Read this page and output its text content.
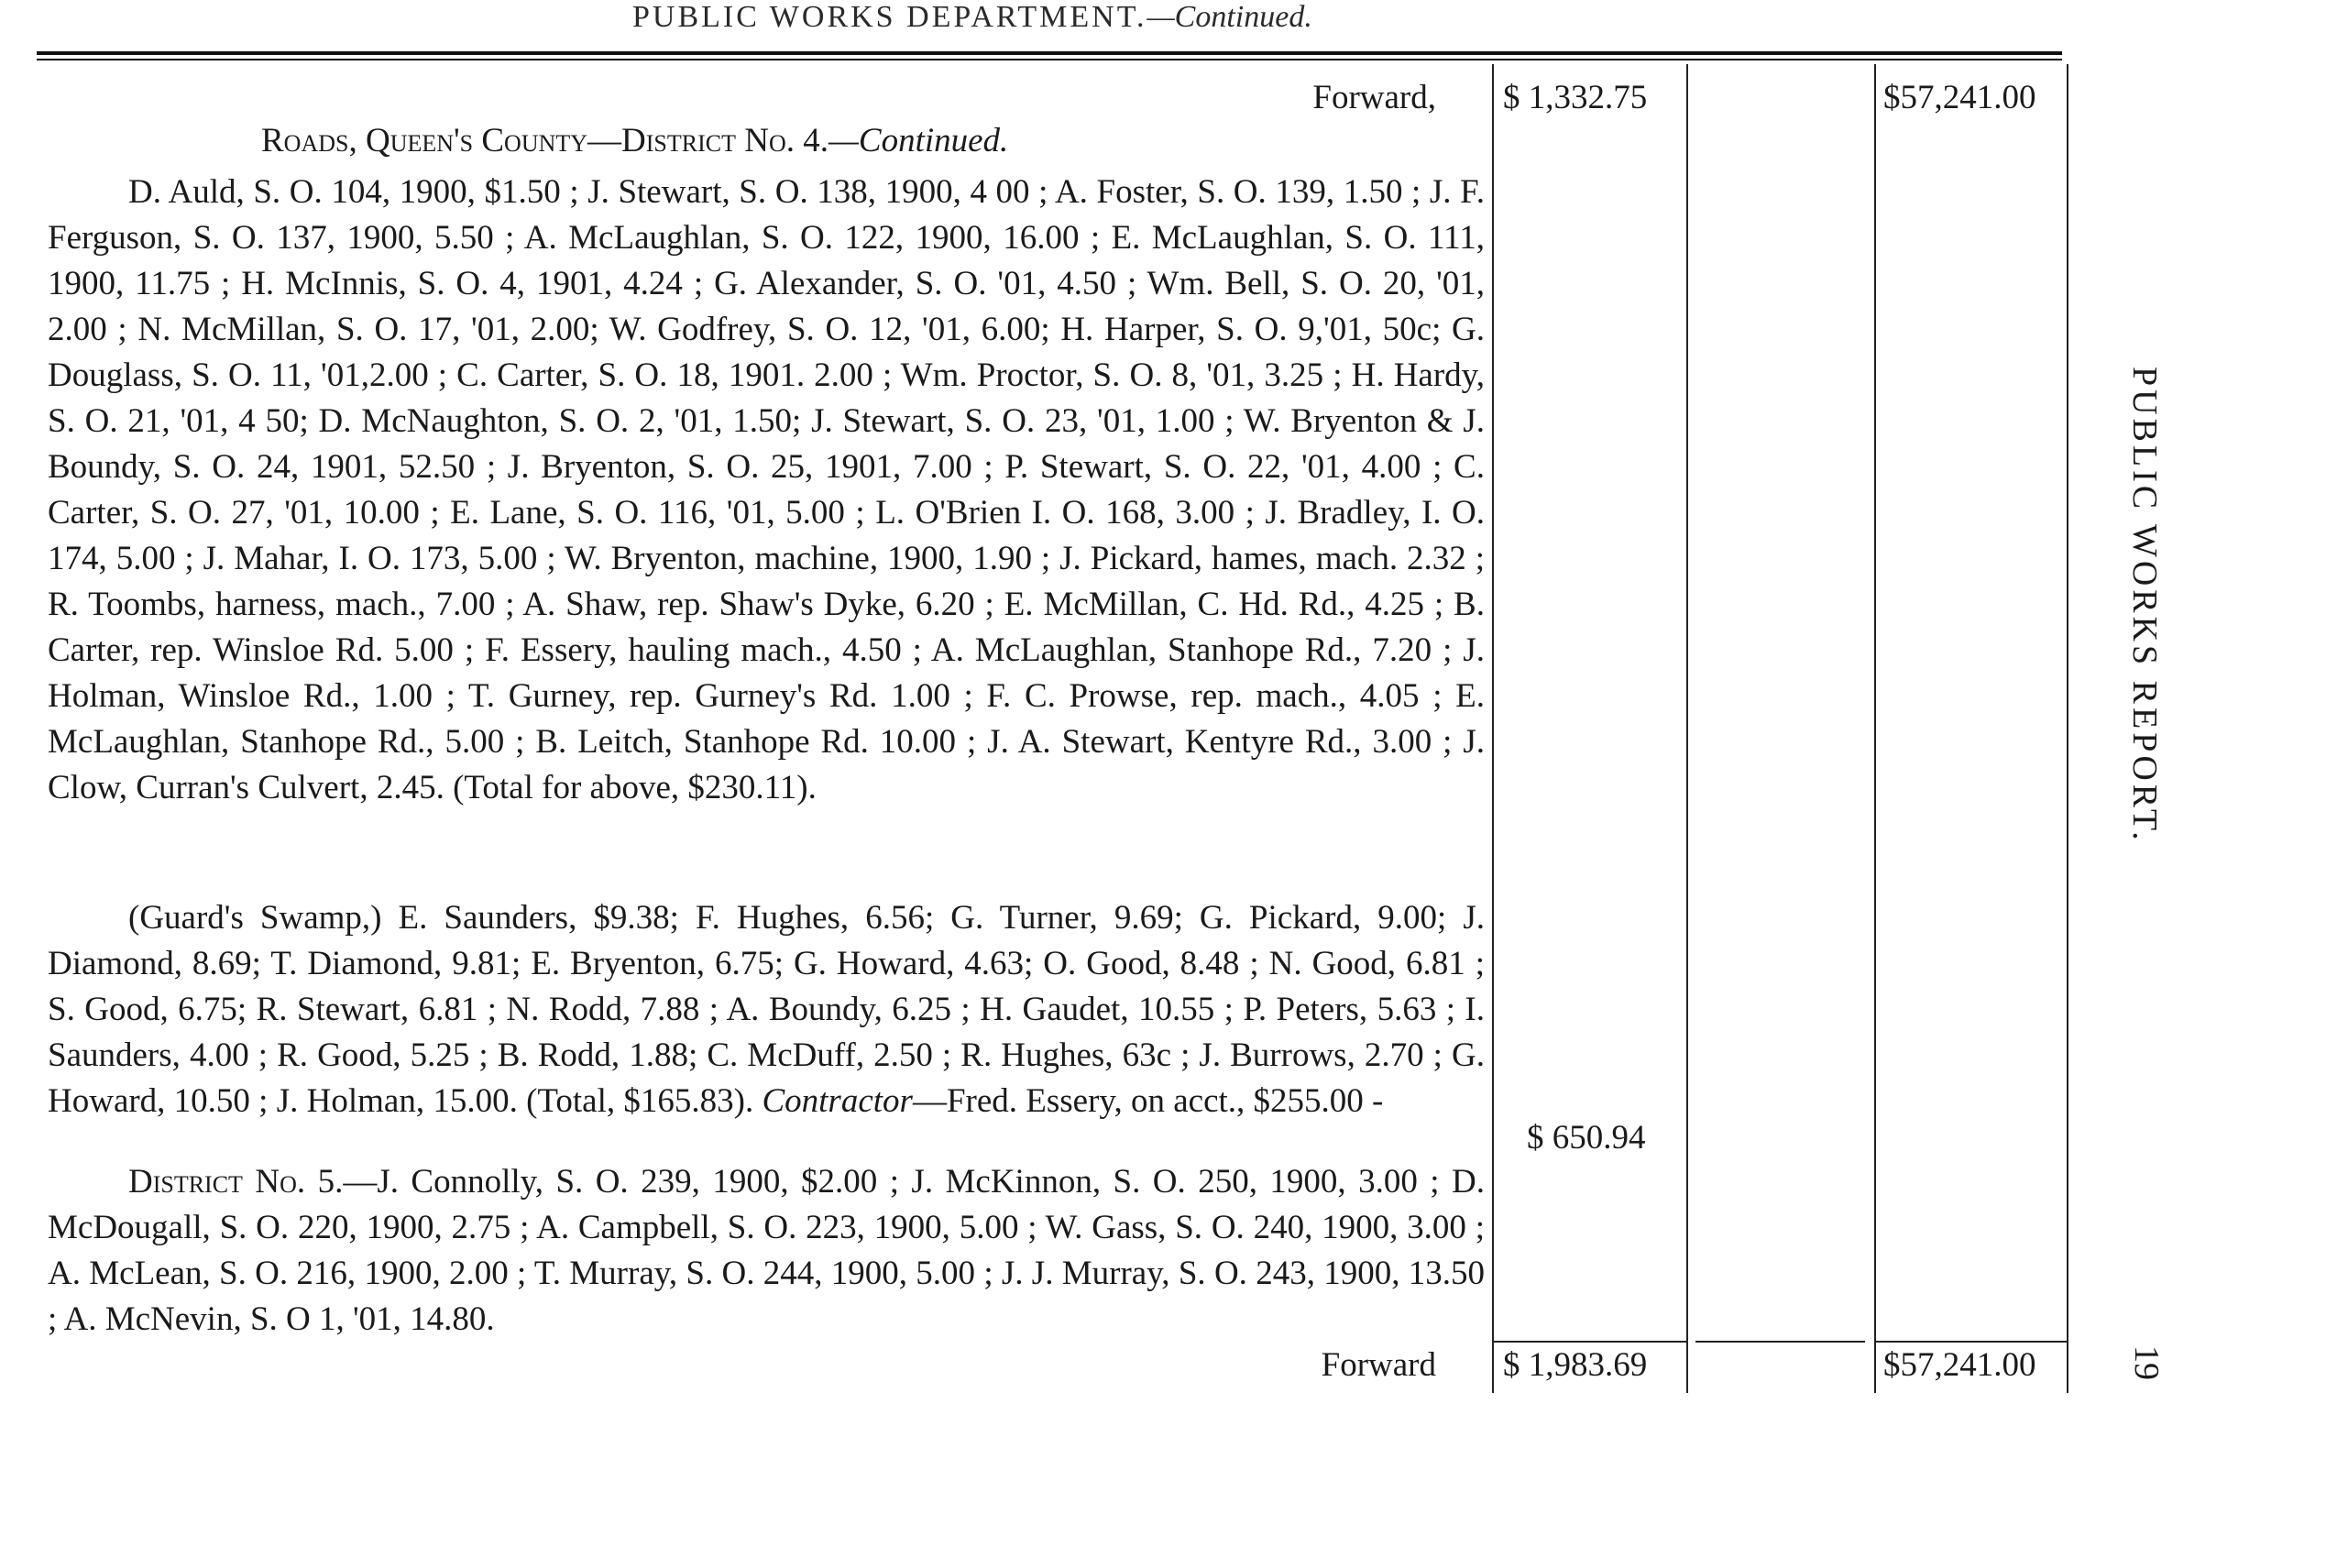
PUBLIC WORKS DEPARTMENT.—Continued.
Forward, $ 1,332.75	$57,241.00
Roads, Queen's County—District No. 4.—Continued.

D. Auld, S. O. 104, 1900, $1.50 ; J. Stewart, S. O. 138, 1900, 4 00 ; A. Foster, S. O. 139, 1.50 ; J. F. Ferguson, S. O. 137, 1900, 5.50 ; A. McLaughlan, S. O. 122, 1900, 16.00 ; E. McLaughlan, S. O. 111, 1900, 11.75 ; H. McInnis, S. O. 4, 1901, 4.24 ; G. Alexander, S. O. '01, 4.50 ; Wm. Bell, S. O. 20, '01, 2.00 ; N. McMillan, S. O. 17, '01, 2.00; W. Godfrey, S. O. 12, '01, 6.00; H. Harper, S. O. 9,'01, 50c; G. Douglass, S. O. 11, '01,2.00 ; C. Carter, S. O. 18, 1901. 2.00 ; Wm. Proctor, S. O. 8, '01, 3.25 ; H. Hardy, S. O. 21, '01, 4 50; D. McNaughton, S. O. 2, '01, 1.50; J. Stewart, S. O. 23, '01, 1.00 ; W. Bryenton & J. Boundy, S. O. 24, 1901, 52.50 ; J. Bryenton, S. O. 25, 1901, 7.00 ; P. Stewart, S. O. 22, '01, 4.00 ; C. Carter, S. O. 27, '01, 10.00 ; E. Lane, S. O. 116, '01, 5.00 ; L. O'Brien I. O. 168, 3.00 ; J. Bradley, I. O. 174, 5.00 ; J. Mahar, I. O. 173, 5.00 ; W. Bryenton, machine, 1900, 1.90 ; J. Pickard, hames, mach. 2.32 ; R. Toombs, harness, mach., 7.00 ; A. Shaw, rep. Shaw's Dyke, 6.20 ; E. McMillan, C. Hd. Rd., 4.25 ; B. Carter, rep. Winsloe Rd. 5.00 ; F. Essery, hauling mach., 4.50 ; A. McLaughlan, Stanhope Rd., 7.20 ; J. Holman, Winsloe Rd., 1.00 ; T. Gurney, rep. Gurney's Rd. 1.00 ; F. C. Prowse, rep. mach., 4.05 ; E. McLaughlan, Stanhope Rd., 5.00 ; B. Leitch, Stanhope Rd. 10.00 ; J. A. Stewart, Kentyre Rd., 3.00 ; J. Clow, Curran's Culvert, 2.45. (Total for above, $230.11).

(Guard's Swamp,) E. Saunders, $9.38; F. Hughes, 6.56; G. Turner, 9.69; G. Pickard, 9.00; J. Diamond, 8.69; T. Diamond, 9.81; E. Bryenton, 6.75; G. Howard, 4.63; O. Good, 8.48 ; N. Good, 6.81 ; S. Good, 6.75; R. Stewart, 6.81 ; N. Rodd, 7.88 ; A. Boundy, 6.25 ; H. Gaudet, 10.55 ; P. Peters, 5.63 ; I. Saunders, 4.00 ; R. Good, 5.25 ; B. Rodd, 1.88; C. McDuff, 2.50 ; R. Hughes, 63c ; J. Burrows, 2.70 ; G. Howard, 10.50 ; J. Holman, 15.00. (Total, $165.83). Contractor—Fred. Essery, on acct., $255.00 -

$ 650.94

District No. 5.—J. Connolly, S. O. 239, 1900, $2.00 ; J. McKinnon, S. O. 250, 1900, 3.00 ; D. McDougall, S. O. 220, 1900, 2.75 ; A. Campbell, S. O. 223, 1900, 5.00 ; W. Gass, S. O. 240, 1900, 3.00 ; A. McLean, S. O. 216, 1900, 2.00 ; T. Murray, S. O. 244, 1900, 5.00 ; J. J. Murray, S. O. 243, 1900, 13.50 ; A. McNevin, S. O 1, '01, 14.80.

Forward $ 1,983.69	$57,241.00
PUBLIC WORKS REPORT.
19
